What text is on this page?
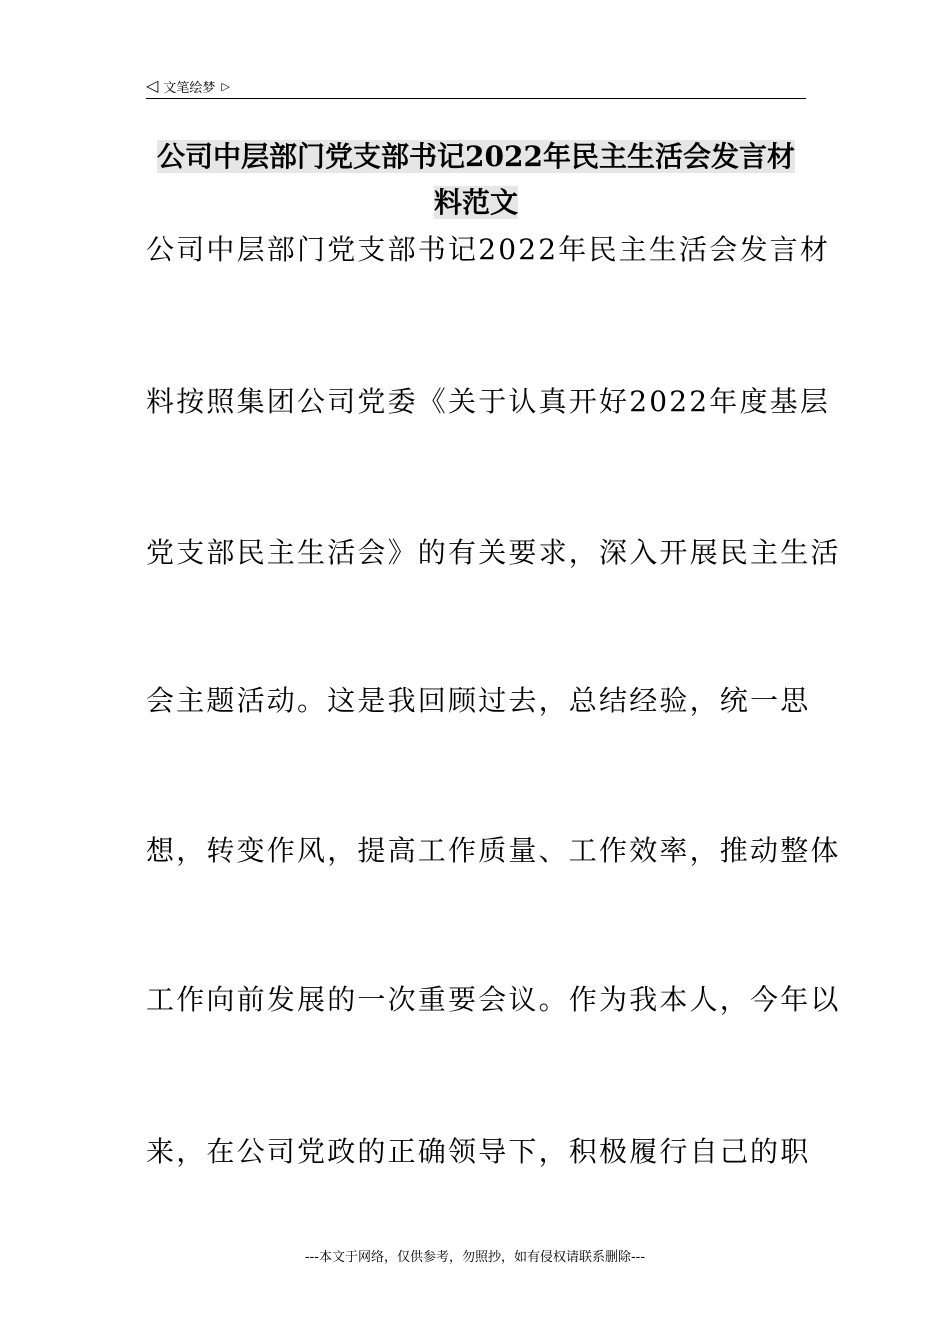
◁ 文笔绘梦 ▷
公司中层部门党支部书记2022年民主生活会发言材
料范文
公司中层部门党支部书记2022年民主生活会发言材
料按照集团公司党委《关于认真开好2022年度基层
党支部民主生活会》的有关要求，深入开展民主生活
会主题活动。这是我回顾过去，总结经验，统一思
想，转变作风，提高工作质量、工作效率，推动整体
工作向前发展的一次重要会议。作为我本人，今年以
来，在公司党政的正确领导下，积极履行自己的职
---本文于网络，仅供参考，勿照抄，如有侵权请联系删除---
